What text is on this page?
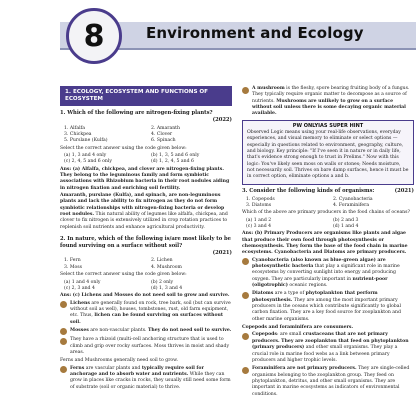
8	Environment and Ecology
1. ECOLOGY, ECOSYSTEM AND FUNCTIONS OF ECOSYSTEM
1. Which of the following are nitrogen-fixing plants?
(2022)
1. Alfalfa	2. Amaranth
3. Chickpea	4. Clover
5. Purslane (Kulfa)	6. Spinach

Select the correct answer using the code given below:

(a) 1, 3 and 4 only	(b) 1, 3, 5 and 6 only
(c) 2, 4, 5 and 6 only	(d) 1, 2, 4, 5 and 6

Ans: (a) Alfalfa, chickpea, and clover are nitrogen-fixing plants. They belong to the leguminous family and form symbiotic associations with Rhizobium bacteria in their root nodules aiding in nitrogen fixation and enriching soil fertility.

Amaranth, purslane (Kulfa), and spinach, are non-leguminous plants and lack the ability to fix nitrogen as they do not form symbiotic relationships with nitrogen-fixing bacteria or develop root nodules. This natural ability of legumes like alfalfa, chickpea, and clover to fix nitrogen is extensively utilized in crop rotation practices to replenish soil nutrients and enhance agricultural productivity.

2. In nature, which of the following is/are most likely to be found surviving on a surface without soil?
(2021)
1. Fern	2. Lichen
3. Moss	4. Mushroom

Select the correct answer using the code given below:

(a) 1 and 4 only	(b) 2 only
(c) 2, 3 and 4	(d) 1, 3 and 4

Ans: (c) Lichens and Mosses do not need soil to grow and survive.

Lichens are generally found on rock, tree bark, soil (but can survive without soil as well), houses, tombstones, rust, old farm equipment, etc. Thus, lichen can be found surviving on surfaces without soil.
Mosses are non-vascular plants. They do not need soil to survive.
They have a rhizoid (multi-cell anchoring structure that is used to climb and grip over rocky surfaces. Moss thrives in moist and shady areas.

Ferns and Mushrooms generally need soil to grow.

Ferns are vascular plants and typically require soil for anchorage and to absorb water and nutrients. While they can grow in places like cracks in rocks, they usually still need some form of substrate (soil or organic material) to thrive.
A mushroom is the fleshy, spore bearing fruiting body of a fungus. They typically require organic matter to decompose as a source of nutrients. Mushrooms are unlikely to grow on a surface without soil unless there is some decaying organic material available.
PW ONLYIAS SUPER HINT

Observed Logic means using your real-life observations, everyday experiences, and visual memory to eliminate or select options — especially in questions related to environment, geography, culture, and biology. Key principle: "If I've seen it in nature or in daily life, that's evidence strong enough to trust in Prelims." Now with this logic: You've likely seen moss on walls or stones; Needs moisture, not necessarily soil. Thrives on bare damp surfaces, hence it must be in correct option, eliminate options a and b.

3. Consider the following kinds of organisms:	(2021)
1. Copepods	2. Cyanobacteria
3. Diatoms	4. Foraminifera

Which of the above are primary producers in the food chains of oceans?

(a) 1 and 2	(b) 2 and 3
(c) 3 and 4	(d) 1 and 4

Ans: (b) Primary Producers are organisms like plants and algae that produce their own food through photosynthesis or chemosynthesis. They form the base of the food chain in marine ecosystems. Cyanobacteria and Diatoms are primary producers.

Cyanobacteria (also known as blue-green algae) are photosynthetic bacteria that play a significant role in marine ecosystems by converting sunlight into energy and producing oxygen. They are particularly important in nutrient-poor (oligotrophic) oceanic regions.
Diatoms are a type of phytoplankton that perform photosynthesis. They are among the most important primary producers in the oceans which contribute significantly to global carbon fixation. They are a key food source for zooplankton and other marine organisms.

Copepods and foraminifera are consumers.

Copepods: are small crustaceans that are not primary producers. They are zooplankton that feed on phytoplankton (primary producers) and other small organisms. They play a crucial role in marine food webs as a link between primary producers and higher trophic levels.
Foraminifera are not primary producers. They are single-celled organisms belonging to the zooplankton group. They feed on phytoplankton, detritus, and other small organisms. They are important in marine ecosystems as indicators of environmental conditions.
